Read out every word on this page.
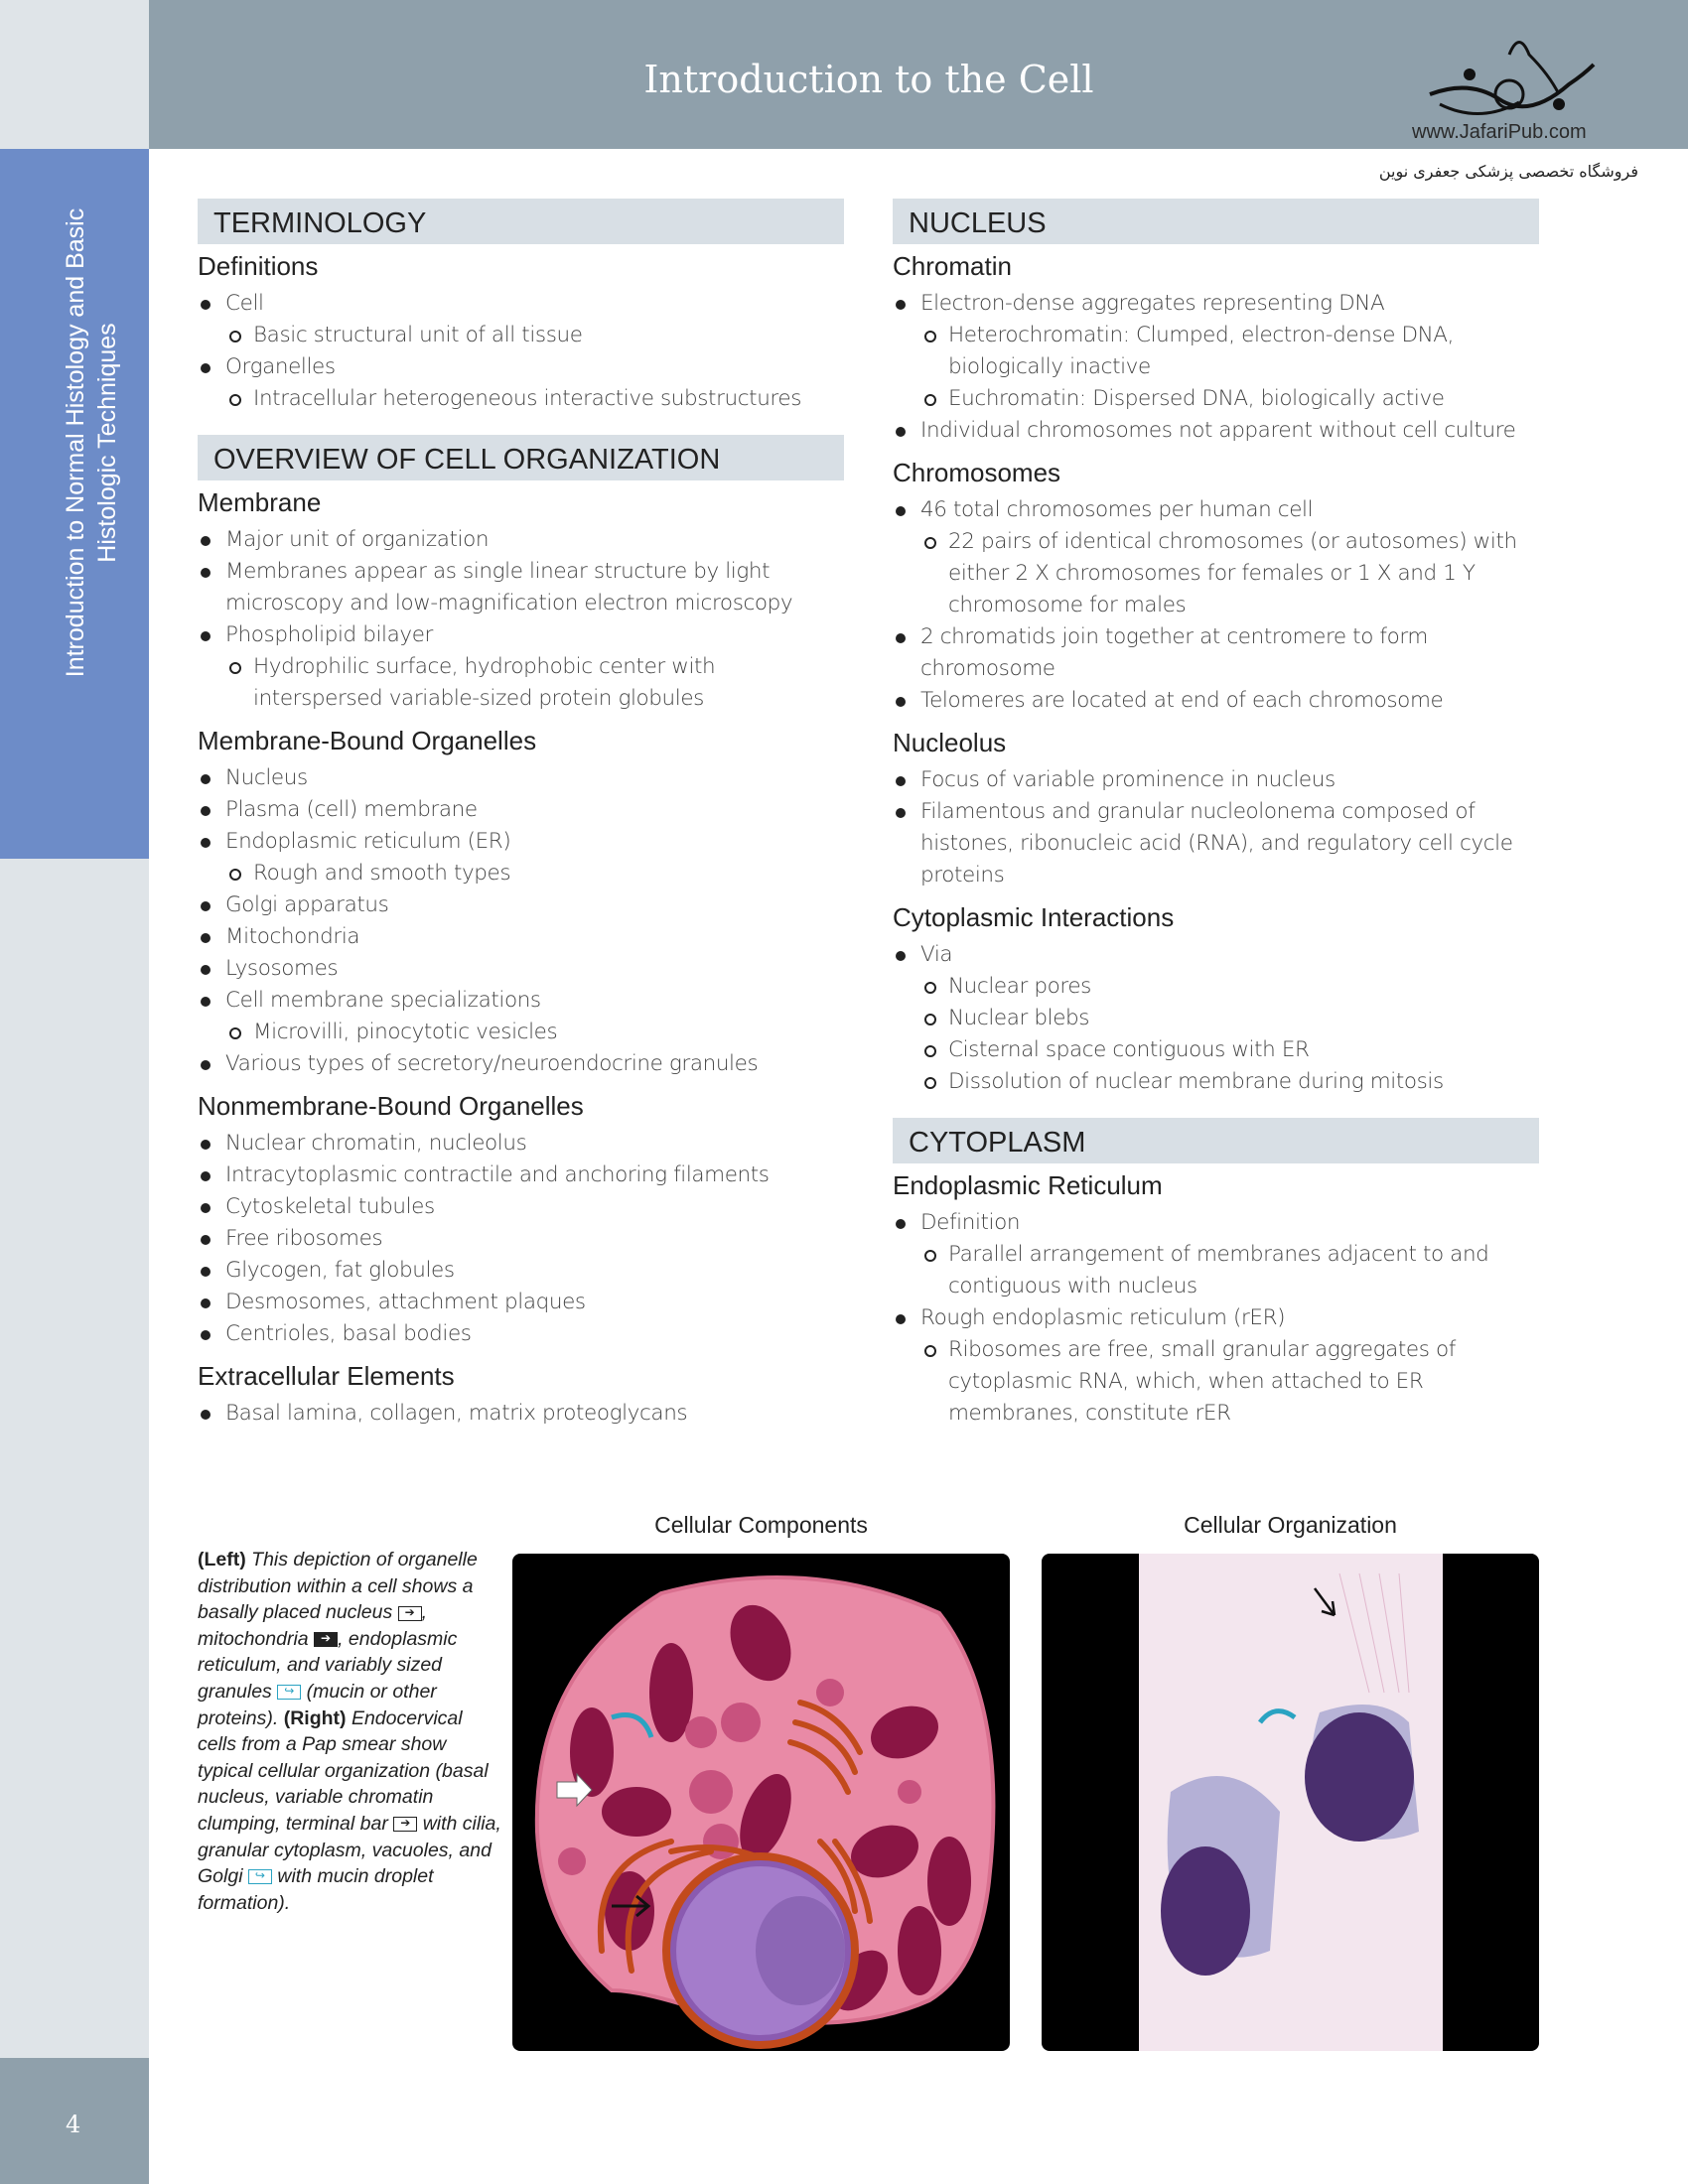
Introduction to the Cell
www.JafariPub.com
فروشگاه تخصصی پزشکی جعفری نوین
Introduction to Normal Histology and Basic Histologic Techniques
4
TERMINOLOGY
Definitions
Cell
Basic structural unit of all tissue
Organelles
Intracellular heterogeneous interactive substructures
OVERVIEW OF CELL ORGANIZATION
Membrane
Major unit of organization
Membranes appear as single linear structure by light microscopy and low-magnification electron microscopy
Phospholipid bilayer
Hydrophilic surface, hydrophobic center with interspersed variable-sized protein globules
Membrane-Bound Organelles
Nucleus
Plasma (cell) membrane
Endoplasmic reticulum (ER)
Rough and smooth types
Golgi apparatus
Mitochondria
Lysosomes
Cell membrane specializations
Microvilli, pinocytotic vesicles
Various types of secretory/neuroendocrine granules
Nonmembrane-Bound Organelles
Nuclear chromatin, nucleolus
Intracytoplasmic contractile and anchoring filaments
Cytoskeletal tubules
Free ribosomes
Glycogen, fat globules
Desmosomes, attachment plaques
Centrioles, basal bodies
Extracellular Elements
Basal lamina, collagen, matrix proteoglycans
NUCLEUS
Chromatin
Electron-dense aggregates representing DNA
Heterochromatin: Clumped, electron-dense DNA, biologically inactive
Euchromatin: Dispersed DNA, biologically active
Individual chromosomes not apparent without cell culture
Chromosomes
46 total chromosomes per human cell
22 pairs of identical chromosomes (or autosomes) with either 2 X chromosomes for females or 1 X and 1 Y chromosome for males
2 chromatids join together at centromere to form chromosome
Telomeres are located at end of each chromosome
Nucleolus
Focus of variable prominence in nucleus
Filamentous and granular nucleolonema composed of histones, ribonucleic acid (RNA), and regulatory cell cycle proteins
Cytoplasmic Interactions
Via
Nuclear pores
Nuclear blebs
Cisternal space contiguous with ER
Dissolution of nuclear membrane during mitosis
CYTOPLASM
Endoplasmic Reticulum
Definition
Parallel arrangement of membranes adjacent to and contiguous with nucleus
Rough endoplasmic reticulum (rER)
Ribosomes are free, small granular aggregates of cytoplasmic RNA, which, when attached to ER membranes, constitute rER
(Left) This depiction of organelle distribution within a cell shows a basally placed nucleus ➔ , mitochondria ➔ , endoplasmic reticulum, and variably sized granules ↪ (mucin or other proteins). (Right) Endocervical cells from a Pap smear show typical cellular organization (basal nucleus, variable chromatin clumping, terminal bar ➔ with cilia, granular cytoplasm, vacuoles, and Golgi ↪ with mucin droplet formation).
Cellular Components	Cellular Organization
